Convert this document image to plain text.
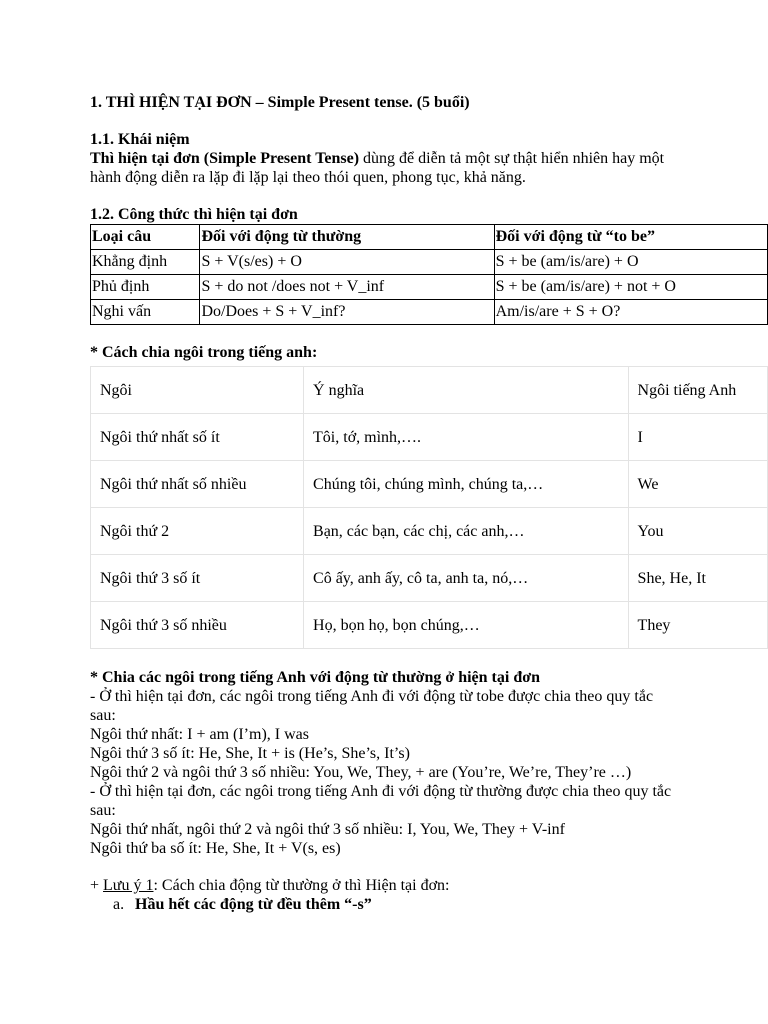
1. THÌ HIỆN TẠI ĐƠN – Simple Present tense. (5 buổi)

1.1. Khái niệm

Thì hiện tại đơn (Simple Present Tense) dùng để diễn tả một sự thật hiển nhiên hay một hành động diễn ra lặp đi lặp lại theo thói quen, phong tục, khả năng.

1.2. Công thức thì hiện tại đơn

Loại câu	Đối với động từ thường	Đối với động từ “to be”
Khẳng định	S + V(s/es) + O	S + be (am/is/are) + O
Phủ định	S + do not /does not + V_inf	S + be (am/is/are) + not + O
Nghi vấn	Do/Does + S + V_inf?	Am/is/are + S + O?

* Cách chia ngôi trong tiếng anh:

Ngôi	Ý nghĩa	Ngôi tiếng Anh
Ngôi thứ nhất số ít	Tôi, tớ, mình,….	I
Ngôi thứ nhất số nhiều	Chúng tôi, chúng mình, chúng ta,…	We
Ngôi thứ 2	Bạn, các bạn, các chị, các anh,…	You
Ngôi thứ 3 số ít	Cô ấy, anh ấy, cô ta, anh ta, nó,…	She, He, It
Ngôi thứ 3 số nhiều	Họ, bọn họ, bọn chúng,…	They

* Chia các ngôi trong tiếng Anh với động từ thường ở hiện tại đơn

- Ở thì hiện tại đơn, các ngôi trong tiếng Anh đi với động từ tobe được chia theo quy tắc sau:

Ngôi thứ nhất: I + am (I’m), I was

Ngôi thứ 3 số ít: He, She, It + is (He’s, She’s, It’s)

Ngôi thứ 2 và ngôi thứ 3 số nhiều: You, We, They, + are (You’re, We’re, They’re …)

- Ở thì hiện tại đơn, các ngôi trong tiếng Anh đi với động từ thường được chia theo quy tắc sau:

Ngôi thứ nhất, ngôi thứ 2 và ngôi thứ 3 số nhiều: I, You, We, They + V-inf

Ngôi thứ ba số ít: He, She, It + V(s, es)

+ Lưu ý 1: Cách chia động từ thường ở thì Hiện tại đơn:

a. Hầu hết các động từ đều thêm “-s”
